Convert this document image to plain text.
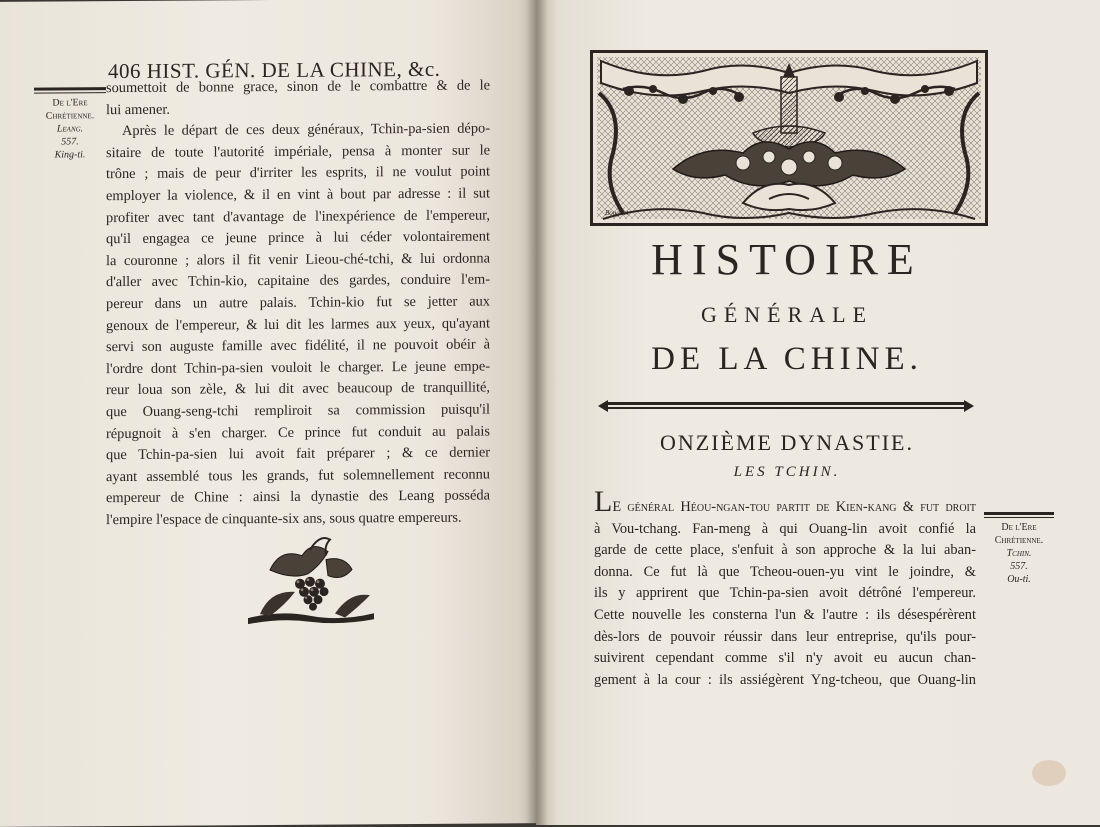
406 HIST. GÉN. DE LA CHINE, &c.
De l'Ere
Chrétienne.
Leang.
557.
King-ti.
soumettoit de bonne grace, sinon de le combattre & de le
lui amener.
Après le départ de ces deux généraux, Tchin-pa-sien dépo-
sitaire de toute l'autorité impériale, pensa à monter sur le
trône ; mais de peur d'irriter les esprits, il ne voulut point
employer la violence, & il en vint à bout par adresse : il sut
profiter avec tant d'avantage de l'inexpérience de l'empereur,
qu'il engagea ce jeune prince à lui céder volontairement
la couronne ; alors il fit venir Lieou-ché-tchi, & lui ordonna
d'aller avec Tchin-kio, capitaine des gardes, conduire l'em-
pereur dans un autre palais. Tchin-kio fut se jetter aux
genoux de l'empereur, & lui dit les larmes aux yeux, qu'ayant
servi son auguste famille avec fidélité, il ne pouvoit obéir à
l'ordre dont Tchin-pa-sien vouloit le charger. Le jeune empe-
reur loua son zèle, & lui dit avec beaucoup de tranquillité,
que Ouang-seng-tchi rempliroit sa commission puisqu'il
répugnoit à s'en charger. Ce prince fut conduit au palais
que Tchin-pa-sien lui avoit fait préparer ; & ce dernier
ayant assemblé tous les grands, fut solemnellement reconnu
empereur de Chine : ainsi la dynastie des Leang posséda
l'empire l'espace de cinquante-six ans, sous quatre empereurs.
Bougnet
HISTOIRE
GÉNÉRALE
DE LA CHINE.
ONZIÈME DYNASTIE.
LES TCHIN.
LE général Héou-ngan-tou partit de Kien-kang & fut droit
à Vou-tchang. Fan-meng à qui Ouang-lin avoit confié la
garde de cette place, s'enfuit à son approche & la lui aban-
donna. Ce fut là que Tcheou-ouen-yu vint le joindre, &
ils y apprirent que Tchin-pa-sien avoit détrôné l'empereur.
Cette nouvelle les consterna l'un & l'autre : ils désespérèrent
dès-lors de pouvoir réussir dans leur entreprise, qu'ils pour-
suivirent cependant comme s'il n'y avoit eu aucun chan-
gement à la cour : ils assiégèrent Yng-tcheou, que Ouang-lin
De l'Ere
Chrétienne.
Tchin.
557.
Ou-ti.
